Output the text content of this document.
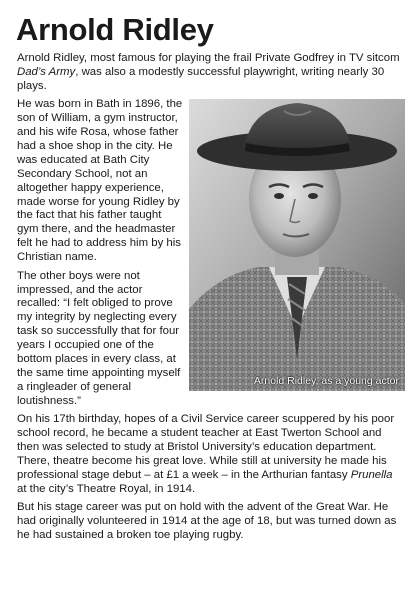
Arnold Ridley

Arnold Ridley, most famous for playing the frail Private Godfrey in TV sitcom Dad’s Army, was also a modestly successful playwright, writing nearly 30 plays.

Arnold Ridley, as a young actor

He was born in Bath in 1896, the son of William, a gym instructor, and his wife Rosa, whose father had a shoe shop in the city. He was educated at Bath City Secondary School, not an altogether happy experience, made worse for young Ridley by the fact that his father taught gym there, and the headmaster felt he had to address him by his Christian name.

The other boys were not impressed, and the actor recalled: “I felt obliged to prove my integrity by neglecting every task so successfully that for four years I occupied one of the bottom places in every class, at the same time appointing myself a ringleader of general loutishness.”

On his 17th birthday, hopes of a Civil Service career scuppered by his poor school record, he became a student teacher at East Twerton School and then was selected to study at Bristol University’s education department. There, theatre become his great love. While still at university he made his professional stage debut – at £1 a week – in the Arthurian fantasy Prunella at the city’s Theatre Royal, in 1914.

But his stage career was put on hold with the advent of the Great War. He had originally volunteered in 1914 at the age of 18, but was turned down as he had sustained a broken toe playing rugby.
